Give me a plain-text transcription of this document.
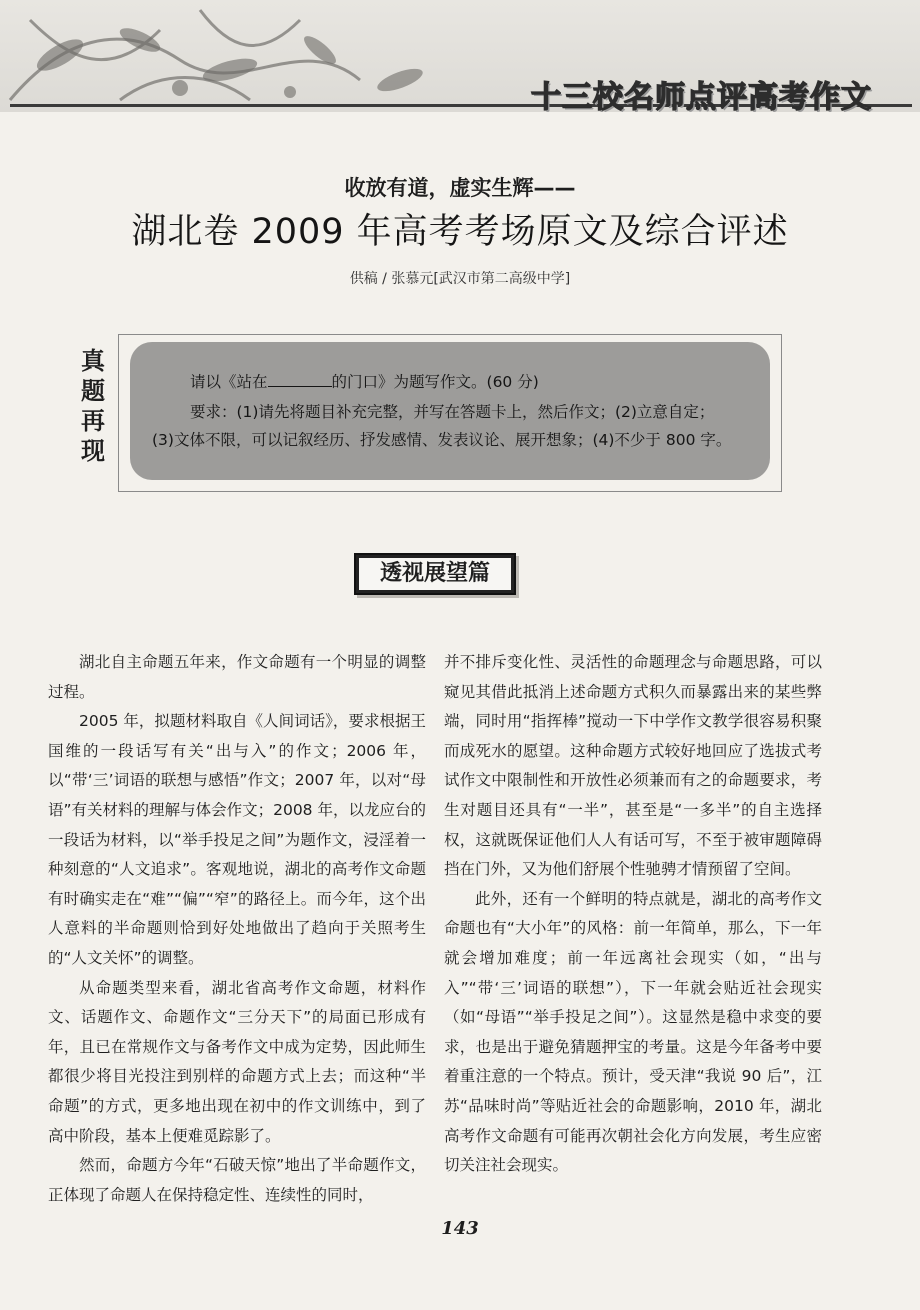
十三校名师点评高考作文
收放有道，虚实生辉——
湖北卷 2009 年高考考场原文及综合评述
供稿 / 张慕元[武汉市第二高级中学]
真
题
再
现
请以《站在	的门口》为题写作文。(60 分)
要求：(1)请先将题目补充完整，并写在答题卡上，然后作文；(2)立意自定；
(3)文体不限，可以记叙经历、抒发感情、发表议论、展开想象；(4)不少于 800 字。
透视展望篇

湖北自主命题五年来，作文命题有一个明显的调整过程。

2005 年，拟题材料取自《人间词话》，要求根据王国维的一段话写有关“出与入”的作文；2006 年，以“带‘三’词语的联想与感悟”作文；2007 年，以对“母语”有关材料的理解与体会作文；2008 年，以龙应台的一段话为材料，以“举手投足之间”为题作文，浸淫着一种刻意的“人文追求”。客观地说，湖北的高考作文命题有时确实走在“难”“偏”“窄”的路径上。而今年，这个出人意料的半命题则恰到好处地做出了趋向于关照考生的“人文关怀”的调整。

从命题类型来看，湖北省高考作文命题，材料作文、话题作文、命题作文“三分天下”的局面已形成有年，且已在常规作文与备考作文中成为定势，因此师生都很少将目光投注到别样的命题方式上去；而这种“半命题”的方式，更多地出现在初中的作文训练中，到了高中阶段，基本上便难觅踪影了。

然而，命题方今年“石破天惊”地出了半命题作文，正体现了命题人在保持稳定性、连续性的同时，

并不排斥变化性、灵活性的命题理念与命题思路，可以窥见其借此抵消上述命题方式积久而暴露出来的某些弊端，同时用“指挥棒”搅动一下中学作文教学很容易积聚而成死水的愿望。这种命题方式较好地回应了选拔式考试作文中限制性和开放性必须兼而有之的命题要求，考生对题目还具有“一半”，甚至是“一多半”的自主选择权，这就既保证他们人人有话可写，不至于被审题障碍挡在门外，又为他们舒展个性驰骋才情预留了空间。

此外，还有一个鲜明的特点就是，湖北的高考作文命题也有“大小年”的风格：前一年简单，那么，下一年就会增加难度；前一年远离社会现实（如，“出与入”“带‘三’词语的联想”），下一年就会贴近社会现实（如“母语”“举手投足之间”）。这显然是稳中求变的要求，也是出于避免猜题押宝的考量。这是今年备考中要着重注意的一个特点。预计，受天津“我说 90 后”，江苏“品味时尚”等贴近社会的命题影响，2010 年，湖北高考作文命题有可能再次朝社会化方向发展，考生应密切关注社会现实。

143
